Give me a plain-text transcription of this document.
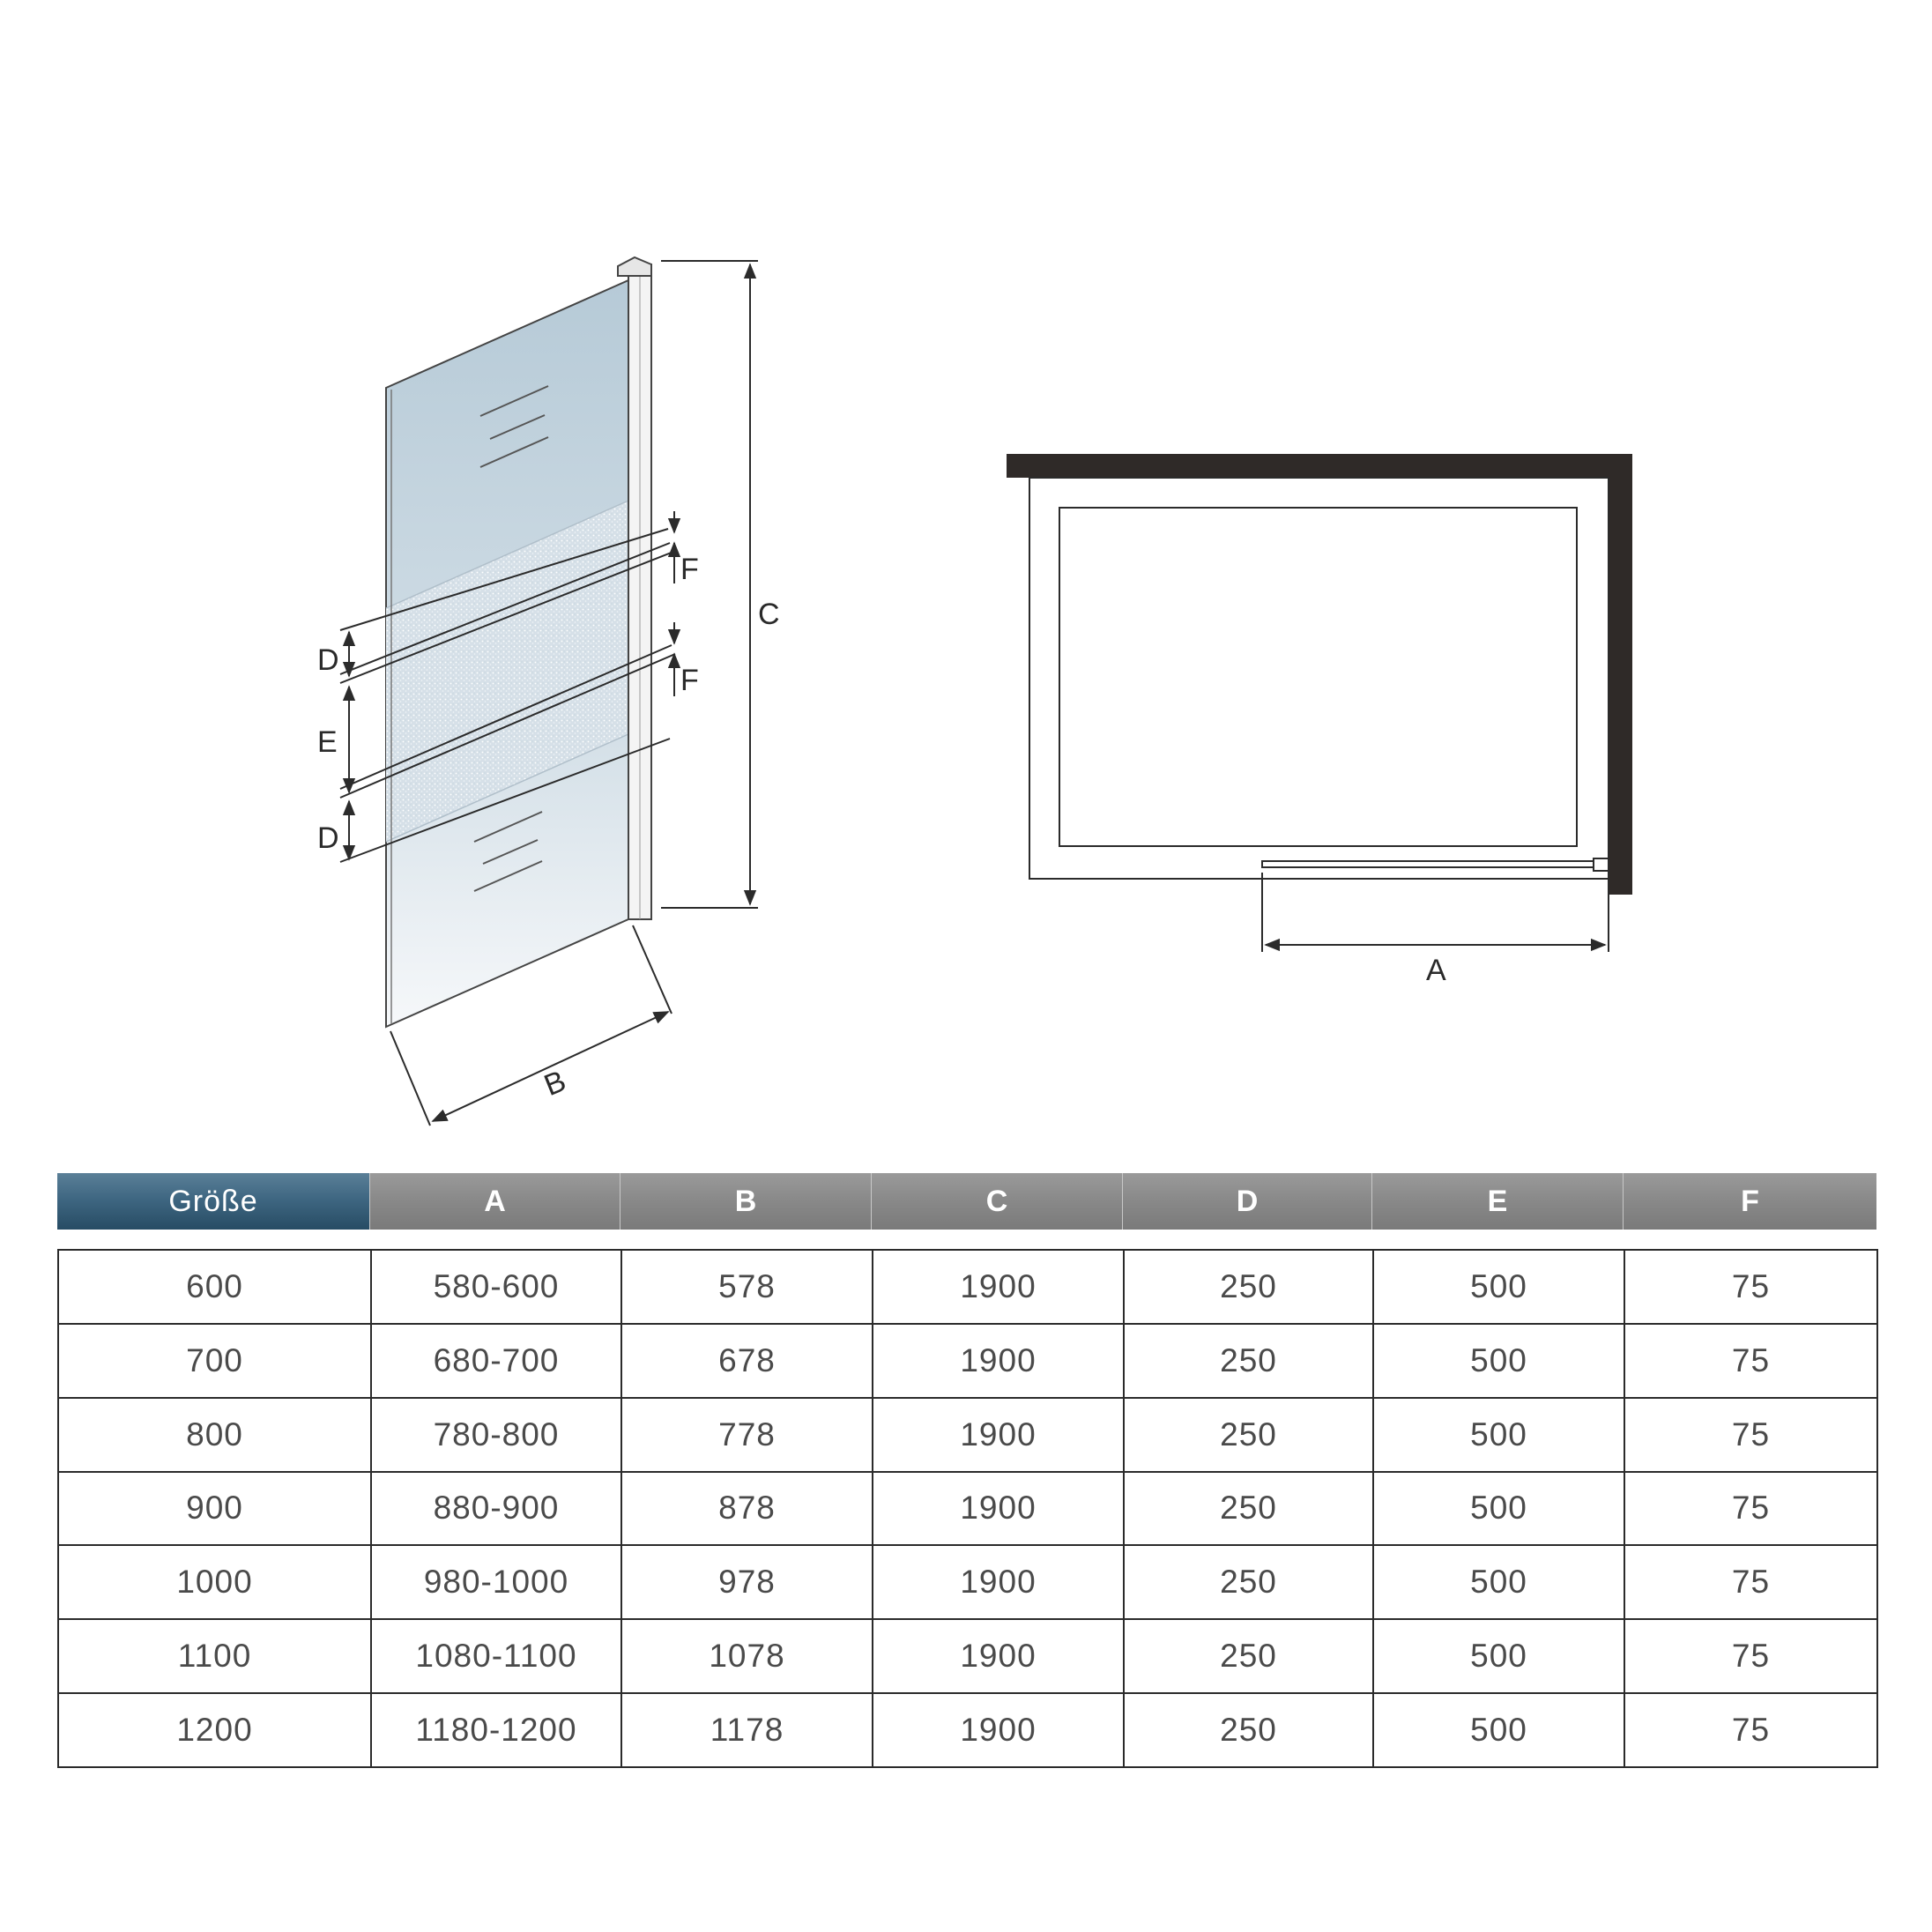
C
B
D
E
D
F
F
A
Größe	A	B	C	D	E	F
600	580-600	578	1900	250	500	75
700	680-700	678	1900	250	500	75
800	780-800	778	1900	250	500	75
900	880-900	878	1900	250	500	75
1000	980-1000	978	1900	250	500	75
1100	1080-1100	1078	1900	250	500	75
1200	1180-1200	1178	1900	250	500	75
